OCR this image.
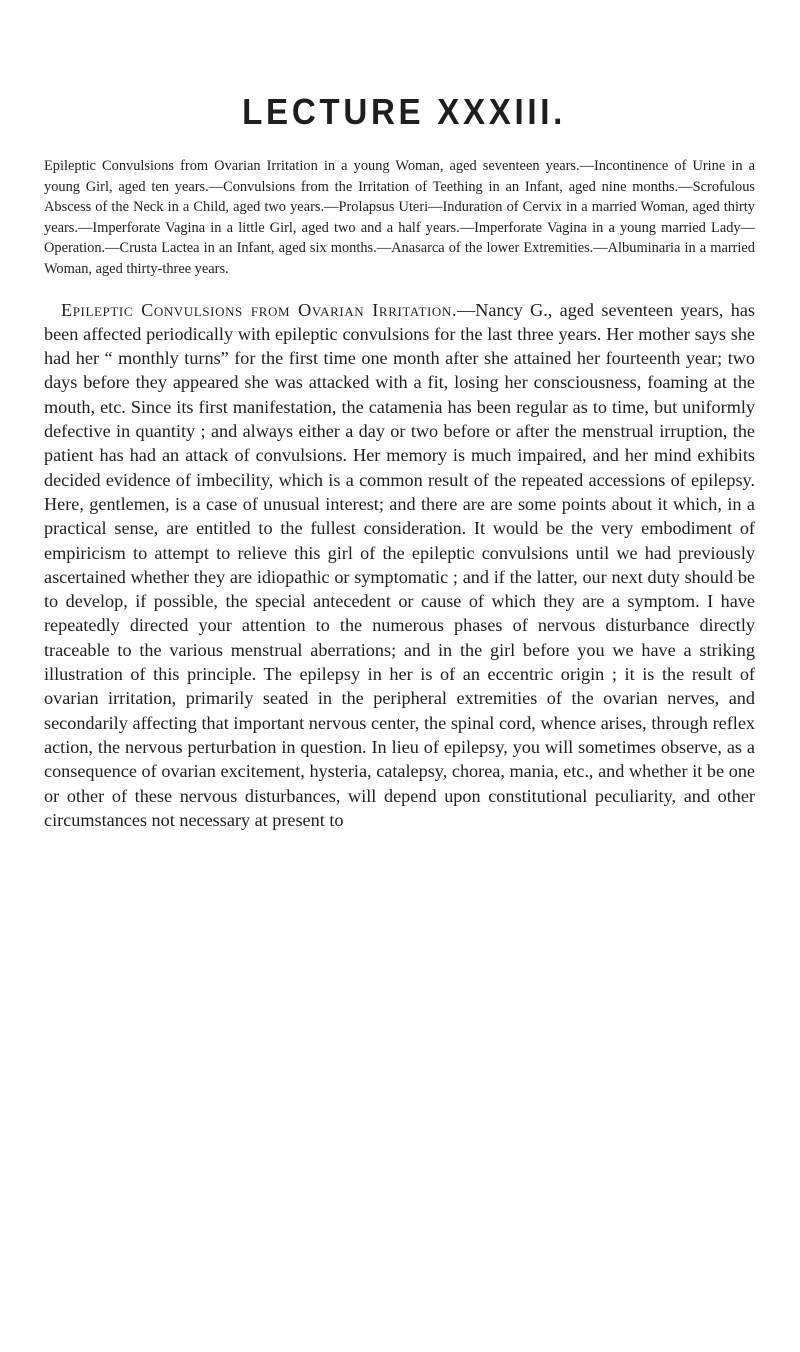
LECTURE XXXIII.

Epileptic Convulsions from Ovarian Irritation in a young Woman, aged seventeen years.—Incontinence of Urine in a young Girl, aged ten years.—Convulsions from the Irritation of Teething in an Infant, aged nine months.—Scrofulous Abscess of the Neck in a Child, aged two years.—Prolapsus Uteri—Induration of Cervix in a married Woman, aged thirty years.—Imperforate Vagina in a little Girl, aged two and a half years.—Imperforate Vagina in a young married Lady—Operation.—Crusta Lactea in an Infant, aged six months.—Anasarca of the lower Extremities.—Albuminaria in a married Woman, aged thirty-three years.

Epileptic Convulsions from Ovarian Irritation.—Nancy G., aged seventeen years, has been affected periodically with epileptic convulsions for the last three years. Her mother says she had her “ monthly turns” for the first time one month after she attained her fourteenth year; two days before they appeared she was attacked with a fit, losing her consciousness, foaming at the mouth, etc. Since its first manifestation, the catamenia has been regular as to time, but uniformly defective in quantity ; and always either a day or two before or after the menstrual irruption, the patient has had an attack of convulsions. Her memory is much impaired, and her mind exhibits decided evidence of imbecility, which is a common result of the repeated accessions of epilepsy. Here, gentlemen, is a case of unusual interest; and there are are some points about it which, in a practical sense, are entitled to the fullest consideration. It would be the very embodiment of empiricism to attempt to relieve this girl of the epileptic convulsions until we had previously ascertained whether they are idiopathic or symptomatic ; and if the latter, our next duty should be to develop, if possible, the special antecedent or cause of which they are a symptom. I have repeatedly directed your attention to the numerous phases of nervous disturbance directly traceable to the various menstrual aberrations; and in the girl before you we have a striking illustration of this principle. The epilepsy in her is of an eccentric origin ; it is the result of ovarian irritation, primarily seated in the peripheral extremities of the ovarian nerves, and secondarily affecting that important nervous center, the spinal cord, whence arises, through reflex action, the nervous perturbation in question. In lieu of epilepsy, you will sometimes observe, as a consequence of ovarian excitement, hysteria, catalepsy, chorea, mania, etc., and whether it be one or other of these nervous disturbances, will depend upon constitutional peculiarity, and other circumstances not necessary at present to
